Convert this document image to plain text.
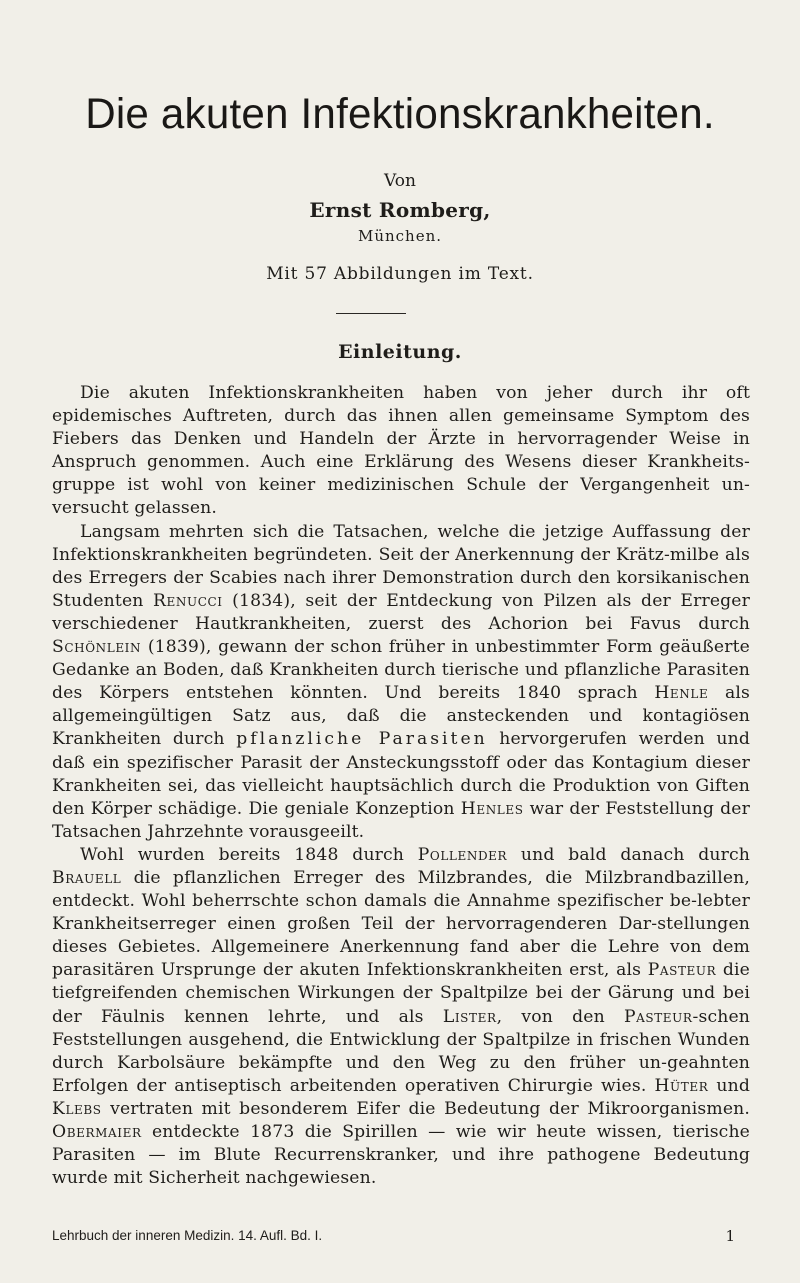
Die akuten Infektionskrankheiten.
Von
Ernst Romberg,
München.
Mit 57 Abbildungen im Text.
Einleitung.

Die akuten Infektionskrankheiten haben von jeher durch ihr oft epidemisches Auftreten, durch das ihnen allen gemeinsame Symptom des Fiebers das Denken und Handeln der Ärzte in hervorragender Weise in Anspruch genommen. Auch eine Erklärung des Wesens dieser Krankheits-gruppe ist wohl von keiner medizinischen Schule der Vergangenheit un-versucht gelassen.

Langsam mehrten sich die Tatsachen, welche die jetzige Auffassung der Infektionskrankheiten begründeten. Seit der Anerkennung der Krätz-milbe als des Erregers der Scabies nach ihrer Demonstration durch den korsikanischen Studenten Renucci (1834), seit der Entdeckung von Pilzen als der Erreger verschiedener Hautkrankheiten, zuerst des Achorion bei Favus durch Schönlein (1839), gewann der schon früher in unbestimmter Form geäußerte Gedanke an Boden, daß Krankheiten durch tierische und pflanzliche Parasiten des Körpers entstehen könnten. Und bereits 1840 sprach Henle als allgemeingültigen Satz aus, daß die ansteckenden und kontagiösen Krankheiten durch pflanzliche Parasiten hervorgerufen werden und daß ein spezifischer Parasit der Ansteckungsstoff oder das Kontagium dieser Krankheiten sei, das vielleicht hauptsächlich durch die Produktion von Giften den Körper schädige. Die geniale Konzeption Henles war der Feststellung der Tatsachen Jahrzehnte vorausgeeilt.

Wohl wurden bereits 1848 durch Pollender und bald danach durch Brauell die pflanzlichen Erreger des Milzbrandes, die Milzbrandbazillen, entdeckt. Wohl beherrschte schon damals die Annahme spezifischer be-lebter Krankheitserreger einen großen Teil der hervorragenderen Dar-stellungen dieses Gebietes. Allgemeinere Anerkennung fand aber die Lehre von dem parasitären Ursprunge der akuten Infektionskrankheiten erst, als Pasteur die tiefgreifenden chemischen Wirkungen der Spaltpilze bei der Gärung und bei der Fäulnis kennen lehrte, und als Lister, von den Pasteur-schen Feststellungen ausgehend, die Entwicklung der Spaltpilze in frischen Wunden durch Karbolsäure bekämpfte und den Weg zu den früher un-geahnten Erfolgen der antiseptisch arbeitenden operativen Chirurgie wies. Hüter und Klebs vertraten mit besonderem Eifer die Bedeutung der Mikroorganismen. Obermaier entdeckte 1873 die Spirillen — wie wir heute wissen, tierische Parasiten — im Blute Recurrenskranker, und ihre pathogene Bedeutung wurde mit Sicherheit nachgewiesen.

Lehrbuch der inneren Medizin. 14. Aufl. Bd. I.	1
